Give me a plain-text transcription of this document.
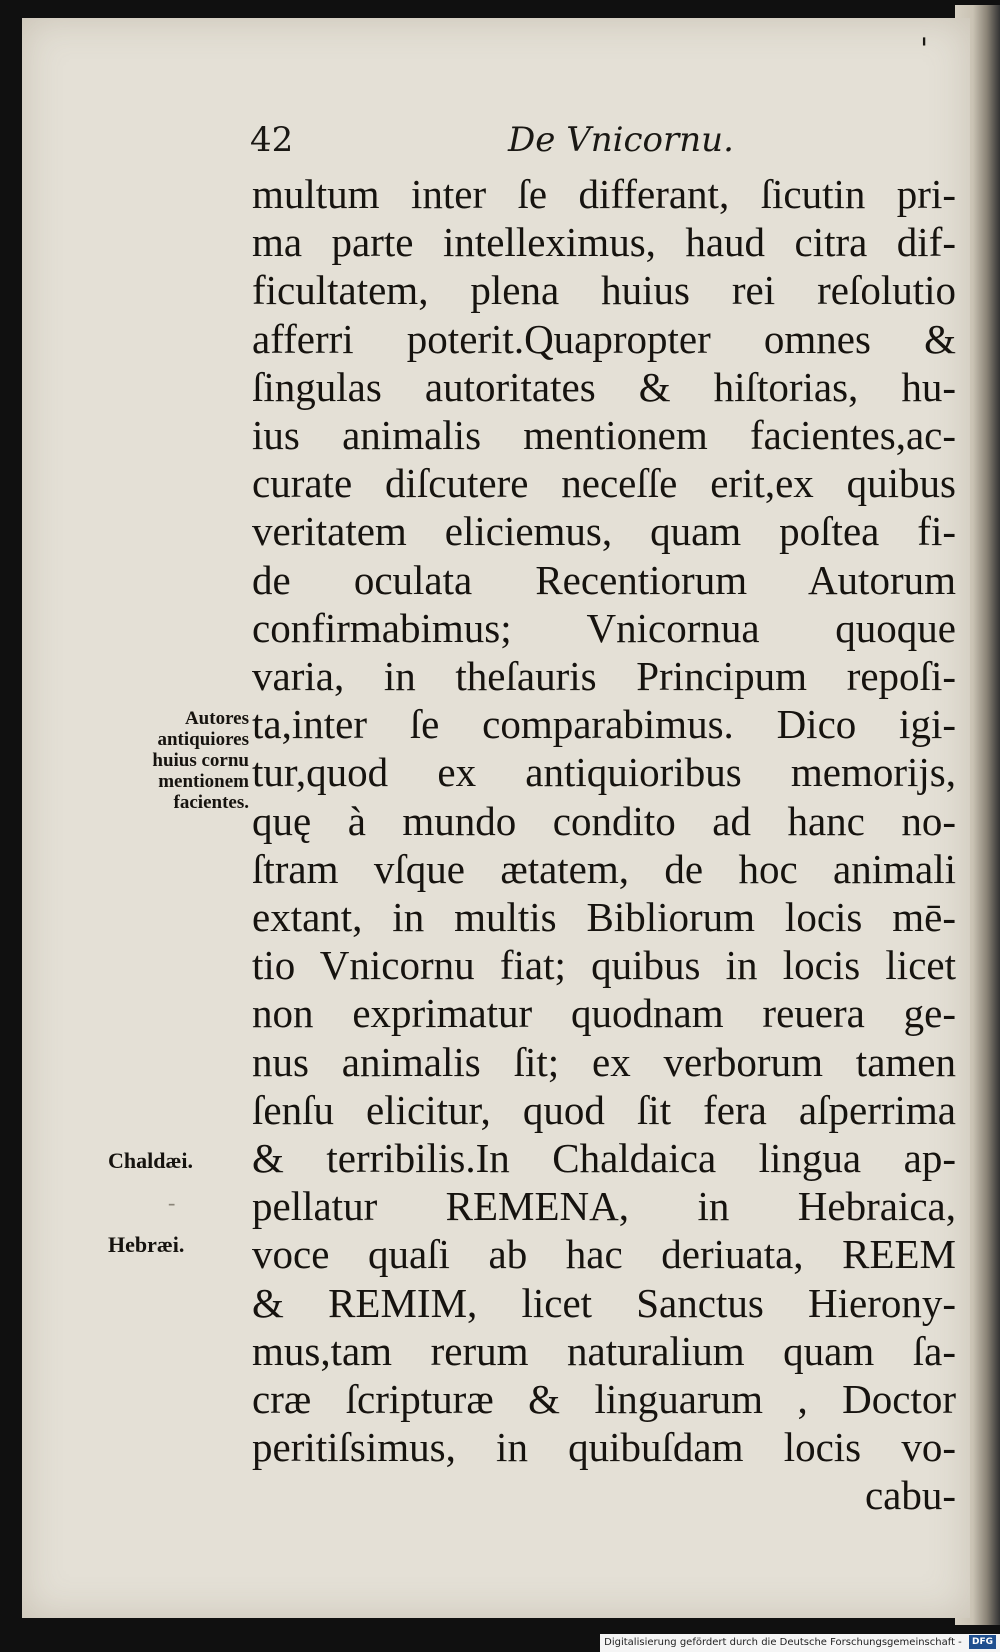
'
42	De Vnicornu.
multum inter ſe differant, ſicutin pri-
ma parte intelleximus, haud citra dif-
ficultatem, plena huius rei reſolutio
afferri poterit.Quapropter omnes &
ſingulas autoritates & hiſtorias, hu-
ius animalis mentionem facientes,ac-
curate diſcutere neceſſe erit,ex quibus
veritatem eliciemus, quam poſtea fi-
de oculata Recentiorum Autorum
confirmabimus; Vnicornua quoque
varia, in theſauris Principum repoſi-
ta,inter ſe comparabimus. Dico igi-
tur,quod ex antiquioribus memorijs,
quę à mundo condito ad hanc no-
ſtram vſque ætatem, de hoc animali
extant, in multis Bibliorum locis mē-
tio Vnicornu fiat; quibus in locis licet
non exprimatur quodnam reuera ge-
nus animalis ſit; ex verborum tamen
ſenſu elicitur, quod ſit fera aſperrima
& terribilis.In Chaldaica lingua ap-
pellatur REMENA, in Hebraica,
voce quaſi ab hac deriuata, REEM
& REMIM, licet Sanctus Hierony-
mus,tam rerum naturalium quam ſa-
cræ ſcripturæ & linguarum , Doctor
peritiſsimus, in quibuſdam locis vo-
cabu-
Autores
antiquiores
huius cornu
mentionem
facientes.
Chaldæi.
-
Hebræi.
Digitalisierung gefördert durch die Deutsche Forschungsgemeinschaft - DFG
